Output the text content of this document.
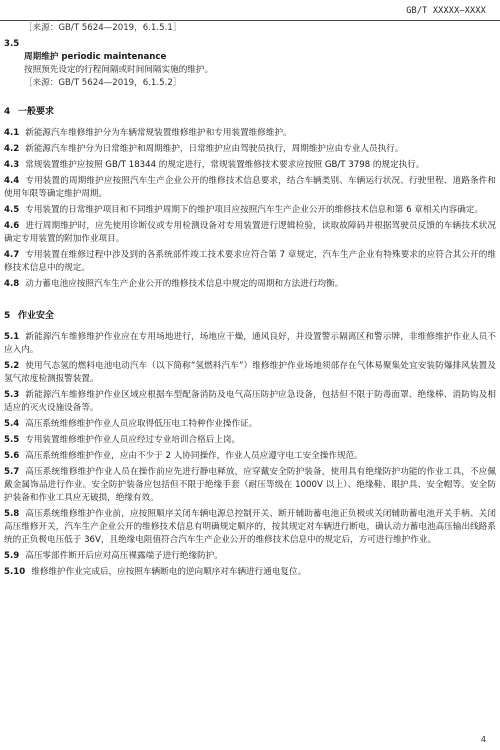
GB/T XXXXX—XXXX
［来源：GB/T 5624—2019，6.1.5.1］
3.5
周期维护 periodic maintenance
按照预先设定的行程间隔或时间间隔实施的维护。
［来源：GB/T 5624—2019，6.1.5.2］
4 一般要求
4.1 新能源汽车维修维护分为车辆常规装置维修维护和专用装置维修维护。
4.2 新能源汽车维护分为日常维护和周期维护，日常维护应由驾驶员执行，周期维护应由专业人员执行。
4.3 常规装置维护应按照 GB/T 18344 的规定进行，常规装置维修技术要求应按照 GB/T 3798 的规定执行。
4.4 专用装置的周期维护应按照汽车生产企业公开的维修技术信息要求，结合车辆类别、车辆运行状况、行驶里程、道路条件和使用年限等确定维护周期。
4.5 专用装置的日常维护项目和不同维护周期下的维护项目应按照汽车生产企业公开的维修技术信息和第 6 章相关内容确定。
4.6 进行周期维护时，应先使用诊断仪或专用检测设备对专用装置进行逻辑检验，读取故障码并根据驾驶员反馈的车辆技术状况确定专用装置的附加作业项目。
4.7 专用装置在维修过程中涉及到的各系统部件竣工技术要求应符合第 7 章规定，汽车生产企业有特殊要求的应符合其公开的维修技术信息中的规定。
4.8 动力蓄电池应按照汽车生产企业公开的维修技术信息中规定的周期和方法进行均衡。
5 作业安全
5.1 新能源汽车维修维护作业应在专用场地进行，场地应干燥，通风良好，并设置警示隔离区和警示牌，非维修维护作业人员不应入内。
5.2 使用气态氢的燃料电池电动汽车（以下简称“氢燃料汽车”）维修维护作业场地须部存在气体易聚集处宜安装防爆排风装置及氢气浓度检测报警装置。
5.3 新能源汽车维修维护作业区域应根据车型配备消防及电气高压防护应急设备，包括但不限于防毒面罩、绝缘棒、消防钩及相适应的灭火设施设备等。
5.4 高压系统维修维护作业人员应取得低压电工特种作业操作证。
5.5 专用装置维修维护作业人员应经过专业培训合格后上岗。
5.6 高压系统维修维护作业，应由不少于 2 人协同操作，作业人员应遵守电工安全操作规范。
5.7 高压系统维修维护作业人员在操作前应先进行静电释放，应穿戴安全防护装备，使用具有绝缘防护功能的作业工具，不应佩戴金属饰品进行作业。安全防护装备应包括但不限于绝缘手套（耐压等级在 1000V 以上）、绝缘鞋、眼护具、安全帽等。安全防护装备和作业工具应无破损，绝缘有效。
5.8 高压系统维修维护作业前，应按照顺序关闭车辆电源总控制开关、断开辅助蓄电池正负极或关闭辅助蓄电池开关手柄、关闭高压维修开关，汽车生产企业公开的维修技术信息有明确规定顺序的，按其规定对车辆进行断电，确认动力蓄电池高压输出线路系统的正负极电压低于 36V，且绝缘电阻值符合汽车生产企业公开的维修技术信息中的规定后，方可进行维护作业。
5.9 高压零部件断开后应对高压裸露端子进行绝缘防护。
5.10 维修维护作业完成后，应按照车辆断电的逆向顺序对车辆进行通电复位。
4
